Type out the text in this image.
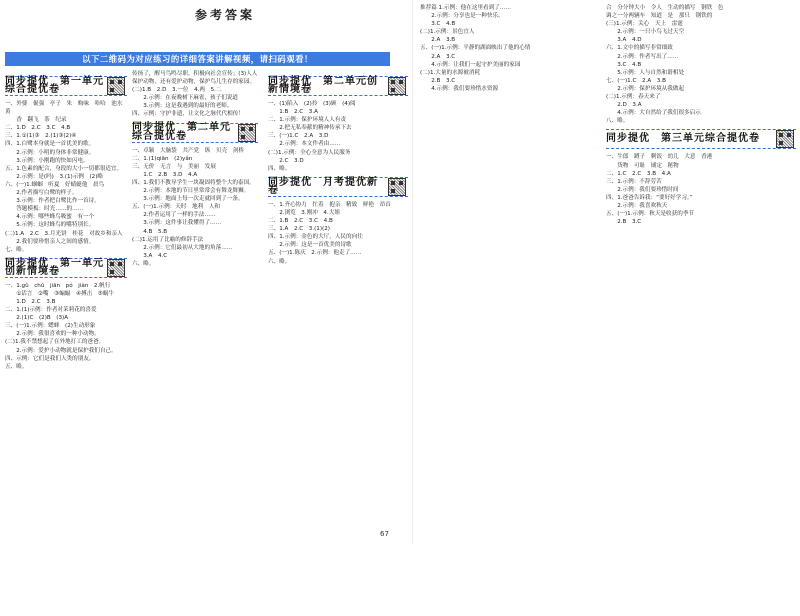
参考答案
以下二维码为对应练习的详细答案讲解视频，请扫码观看！
同步提优　第一单元综合提优卷

一、外婆　倔强　亭子　朱　购味　哈哈　池水　黄

　　香　翻飞　茶　纪录

二、1.D　2.C　3.C　4.B

三、1.①(1)③　2.(1)③(2)④

四、1.白鹭本身就是一首优美的歌。

　　2.示例：小明的身体非常健康。

　　3.示例：小刚跑的快如闪电。

五、1.色素的配合，身段的大小一切都很适宜。

　　2.示例：是(吗)　3.(1)示例　(2)略

六、(一)1.蝈蝈　听夏　好蜻蜓他　晨鸟

　　2.作者描写白鹭的样子。

　　3.示例：作者把白鹭比作一首诗。

　　答题模板：时光……的……

　　4.示例：哪些蜂鸟吸蜜　有一个

　　5.示例：这时蜂鸟的嘴特别长。

(二)1.A　2.C　3.月光饼　桂花　对故乡和亲人

　　2.我们要珍惜亲人之间的感情。

七、略。

同步提优　第一单元创新情境卷

一、1.ɡǔ　chǔ　jiān　pó　jiàn　2.帆行

　　①话言　②嘴　③蝙蝠　④搏击　⑤蜗牛

　　1.D　2.C　3.B

二、1.(1)示例：作者对茉莉花的喜爱

　　2.(1)C　(2)B　(3)A

三、(一)1.示例：蟋蟀　(2)生动形象

　　2.示例：我很喜欢的一种小动物。

(二)1.我不禁想起了在外地打工的爸爸。

　　2.示例：爱护小动物就是保护我们自己。

四、示例：它们是我们人类的朋友。

五、略。

传扬了，醒马鸟鸣尽职，积极向社会宣传；(3)人人

保护动物，还有爱护动物，保护鸟儿生存的家园。

(二)1.B　2.D　3.一位　4.两　5.二

　　2.示例：在夜晚树下麻雀，孩子们说道

　　3.示例：这是我遇到的最好的老师。

四、示例：守护非遗，让文化之脉代代相传！

同步提优　第二单元综合提优卷

一、卓颖　大脑袋　共产党　纵　贝壳　剑桥

二、1.(1)qiān　(2)yǎn

三、无价　无言　与　美丽　发展

　　1.C　2.B　3.D　4.A

四、1.我们不教导学生一块凝固将整个大的泰国。

　　2.示例：本地的节日里常常会有舞龙舞狮。

　　3.示例：地面上每一次走就回到了一条。

五、(一)1.示例：天时　地利　人和

　　2.作者运用了一样的手法……

　　3.示例：这件事让我懂得了……

　　4.B　5.B

(二)1.运用了比喻的修辞手法

　　2.示例：它们最初从大地的角落……

　　3.A　4.C

六、略。

同步提优　第二单元创新情境卷

一、(1)陷入　(2)拎　(3)顾　(4)阅

　　1.B　2.C　3.A

二、1.示例：保护环境人人有责

　　2.把无私奉献的精神传承下去

三、(一)1.C　2.A　3.D

　　2.示例：本文作者由……

(二)1.示例：全心全意为人民服务

　　2.C　3.D

四、略。

同步提优　月考提优新卷

一、1.齐心协力　忙着　抱亲　精致　鲜艳　昂首

　　2.浏览　3.刚冲　4.大姐

二、1.B　2.C　3.C　4.B

三、1.A　2.C　3.(1)(2)

四、1.示例：金色的大厅，人民的向往

　　2.示例：这是一首优美的诗歌

五、(一)1.陈庆　2.示例：他走了……

六、略。

推荐篇 1.示例：他在这里看到了……

　　2.示例：分享也是一种快乐。

　　3.C　4.B

(二)1.示例：景色宜人

　　2.A　3.B

五、(一)1.示例：平静的湖面映出了他的心情

　　2.A　3.C

　　4.示例：让我们一起守护美丽的家园

(二)1.大量的水源被消耗

　　2.B　3.C

　　4.示例：我们要珍惜水资源

合　分分钟大小　令人　生动的描写　钢铁　色

调之一分两辆车　知道　是　那只　钢铁的

(三)1.示例：关心　天上　雷霆

　　2.示例：一只小鸟飞过天空

　　3.A　4.D

六、1.文中的描写非常细致

　　2.示例：作者写出了……

　　3.C　4.B

　　5.示例：人与自然和谐相处

七、(一)1.C　2.A　3.B

　　2.示例：保护环境从我做起

(二)1.示例：春天来了

　　2.D　3.A

　　4.示例：大自然给了我们很多启示

八、略。

同步提优　第三单元综合提优卷

一、牛郎　蹲子　剩饭　幼儿　大意　香港

　　货物　可耻　铺定　秘物

二、1.C　2.C　3.B　4.A

三、1.示例：不辞劳苦

　　2.示例：我们要珍惜时间

四、1.爸爸告诉我：“要好好学习。”

　　2.示例：我喜欢秋天

五、(一)1.示例：秋天是收获的季节

　　2.B　3.C

67
